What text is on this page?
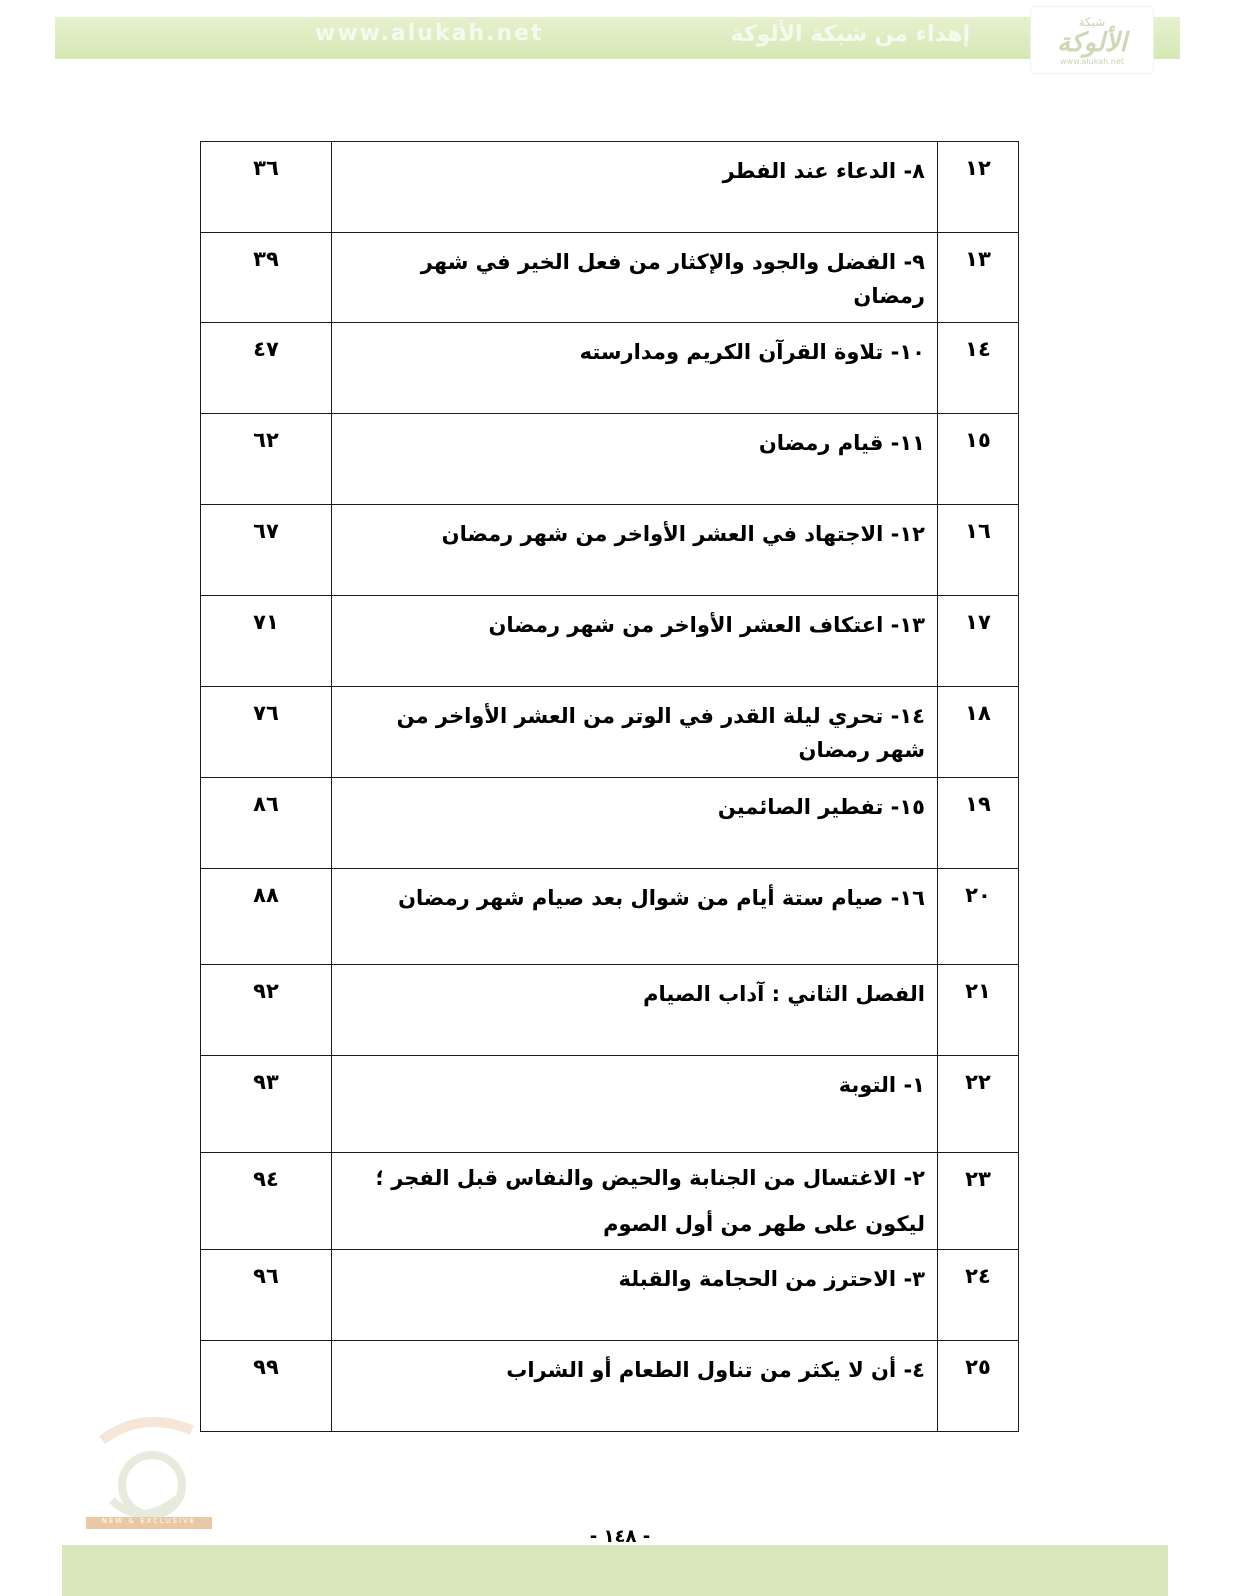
www.alukah.net	إهداء من شبكة الألوكة
شبكة
الألوكة
www.alukah.net
١٢	٨- الدعاء عند الفطر	٣٦
١٣	٩- الفضل والجود والإكثار من فعل الخير في شهر رمضان	٣٩
١٤	١٠- تلاوة القرآن الكريم ومدارسته	٤٧
١٥	١١- قيام رمضان	٦٢
١٦	١٢- الاجتهاد في العشر الأواخر من شهر رمضان	٦٧
١٧	١٣- اعتكاف العشر الأواخر من شهر رمضان	٧١
١٨	١٤- تحري ليلة القدر في الوتر من العشر الأواخر من شهر رمضان	٧٦
١٩	١٥- تفطير الصائمين	٨٦
٢٠	١٦- صيام ستة أيام من شوال بعد صيام شهر رمضان	٨٨
٢١	الفصل الثاني : آداب الصيام	٩٢
٢٢	١- التوبة	٩٣
٢٣	٢- الاغتسال من الجنابة والحيض والنفاس قبل الفجر ؛ ليكون على طهر من أول الصوم	٩٤
٢٤	٣- الاحترز من الحجامة والقبلة	٩٦
٢٥	٤- أن لا يكثر من تناول الطعام أو الشراب	٩٩
NEW & EXCLUSIVE
- ١٤٨ -
